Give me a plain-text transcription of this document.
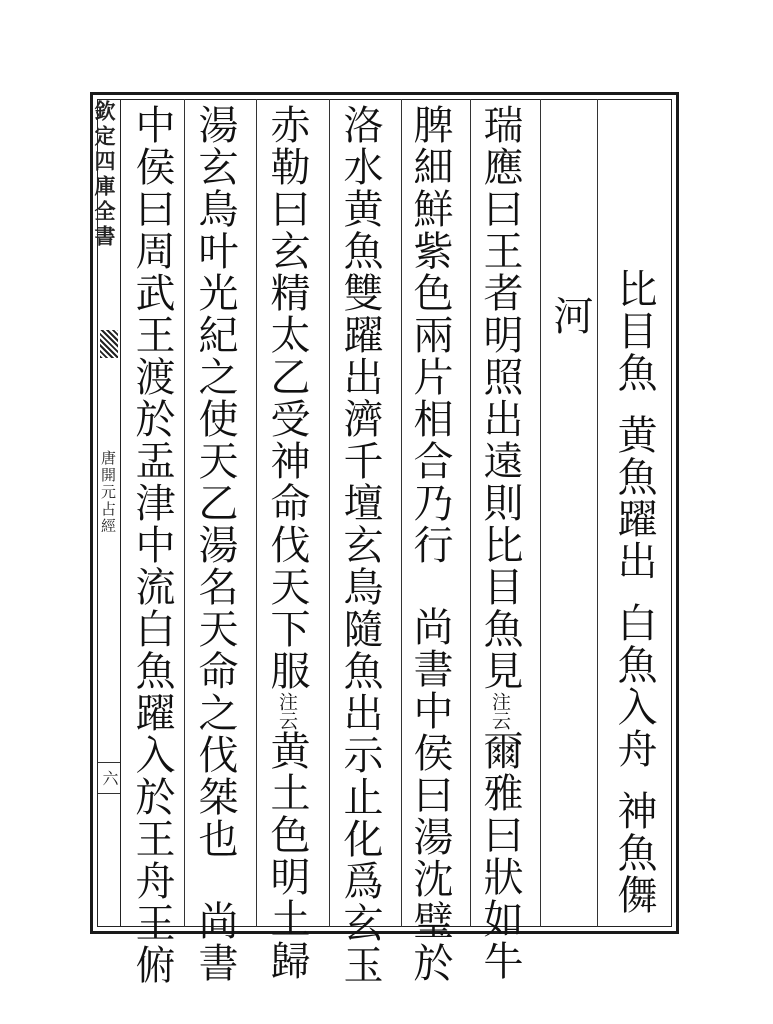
欽定四庫全書
唐開元占經
六
比目魚黄魚躍出白魚入舟神魚儛
河
瑞應曰王者明照出遠則比目魚見注云爾雅曰狀如牛
脾細鮮紫色兩片相合乃行尚書中侯曰湯沈璧於
洛水黄魚雙躍出濟千壇玄鳥隨魚出示止化爲玄玉
赤勒曰玄精太乙受神命伐天下服注云黄土色明土歸
湯玄鳥叶光紀之使天乙湯名天命之伐桀也尚書
中侯曰周武王渡於盂津中流白魚躍入於王舟王俯
